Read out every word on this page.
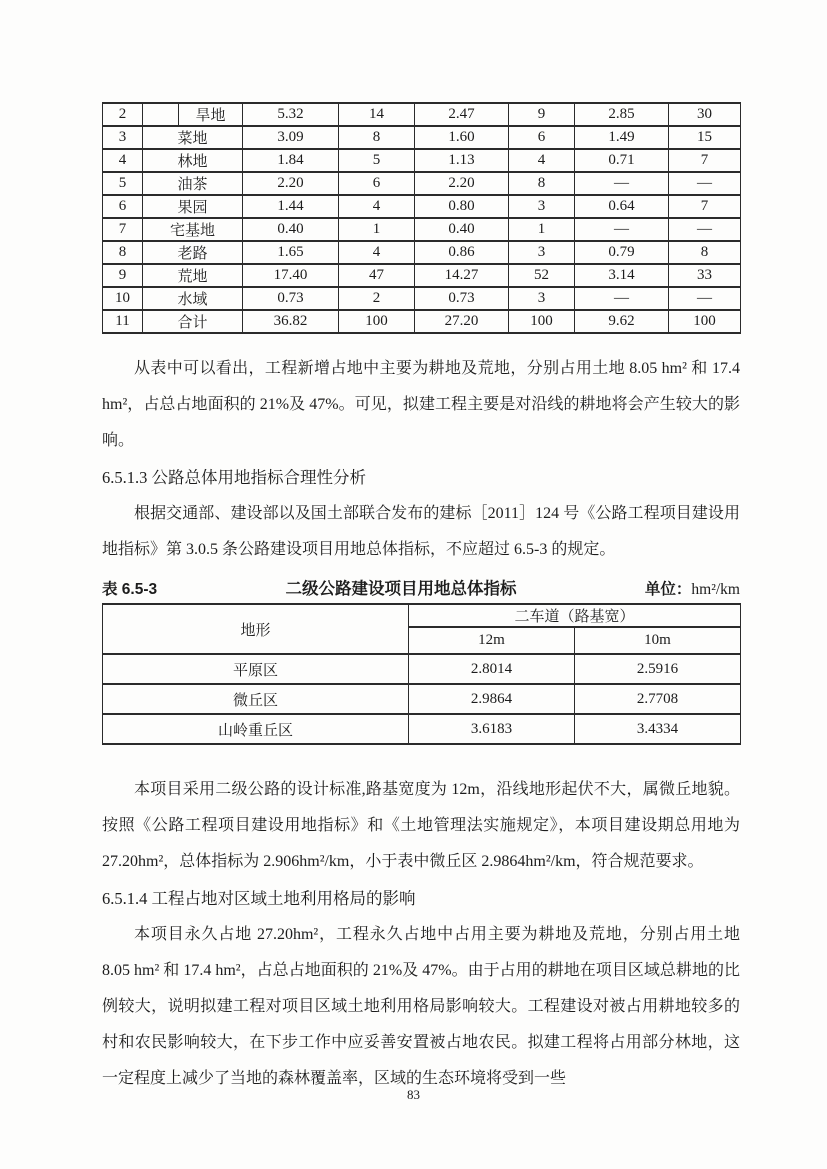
2		旱地	5.32	14	2.47	9	2.85	30
3	菜地		3.09	8	1.60	6	1.49	15
4	林地		1.84	5	1.13	4	0.71	7
5	油茶		2.20	6	2.20	8	—	—
6	果园		1.44	4	0.80	3	0.64	7
7	宅基地		0.40	1	0.40	1	—	—
8	老路		1.65	4	0.86	3	0.79	8
9	荒地		17.40	47	14.27	52	3.14	33
10	水域		0.73	2	0.73	3	—	—
11	合计		36.82	100	27.20	100	9.62	100

从表中可以看出，工程新增占地中主要为耕地及荒地，分别占用土地 8.05 hm² 和 17.4 hm²，占总占地面积的 21%及 47%。可见，拟建工程主要是对沿线的耕地将会产生较大的影响。

6.5.1.3 公路总体用地指标合理性分析

根据交通部、建设部以及国土部联合发布的建标［2011］124 号《公路工程项目建设用地指标》第 3.0.5 条公路建设项目用地总体指标，不应超过 6.5-3 的规定。

表 6.5-3	二级公路建设项目用地总体指标	单位： hm²/km
地形	二车道（路基宽）	
	12m	10m
平原区	2.8014	2.5916
微丘区	2.9864	2.7708
山岭重丘区	3.6183	3.4334

本项目采用二级公路的设计标准,路基宽度为 12m，沿线地形起伏不大，属微丘地貌。按照《公路工程项目建设用地指标》和《土地管理法实施规定》，本项目建设期总用地为 27.20hm²，总体指标为 2.906hm²/km，小于表中微丘区 2.9864hm²/km，符合规范要求。

6.5.1.4 工程占地对区域土地利用格局的影响

本项目永久占地 27.20hm²，工程永久占地中占用主要为耕地及荒地，分别占用土地 8.05 hm² 和 17.4 hm²，占总占地面积的 21%及 47%。由于占用的耕地在项目区域总耕地的比例较大，说明拟建工程对项目区域土地利用格局影响较大。工程建设对被占用耕地较多的村和农民影响较大，在下步工作中应妥善安置被占地农民。拟建工程将占用部分林地，这一定程度上减少了当地的森林覆盖率，区域的生态环境将受到一些

83
